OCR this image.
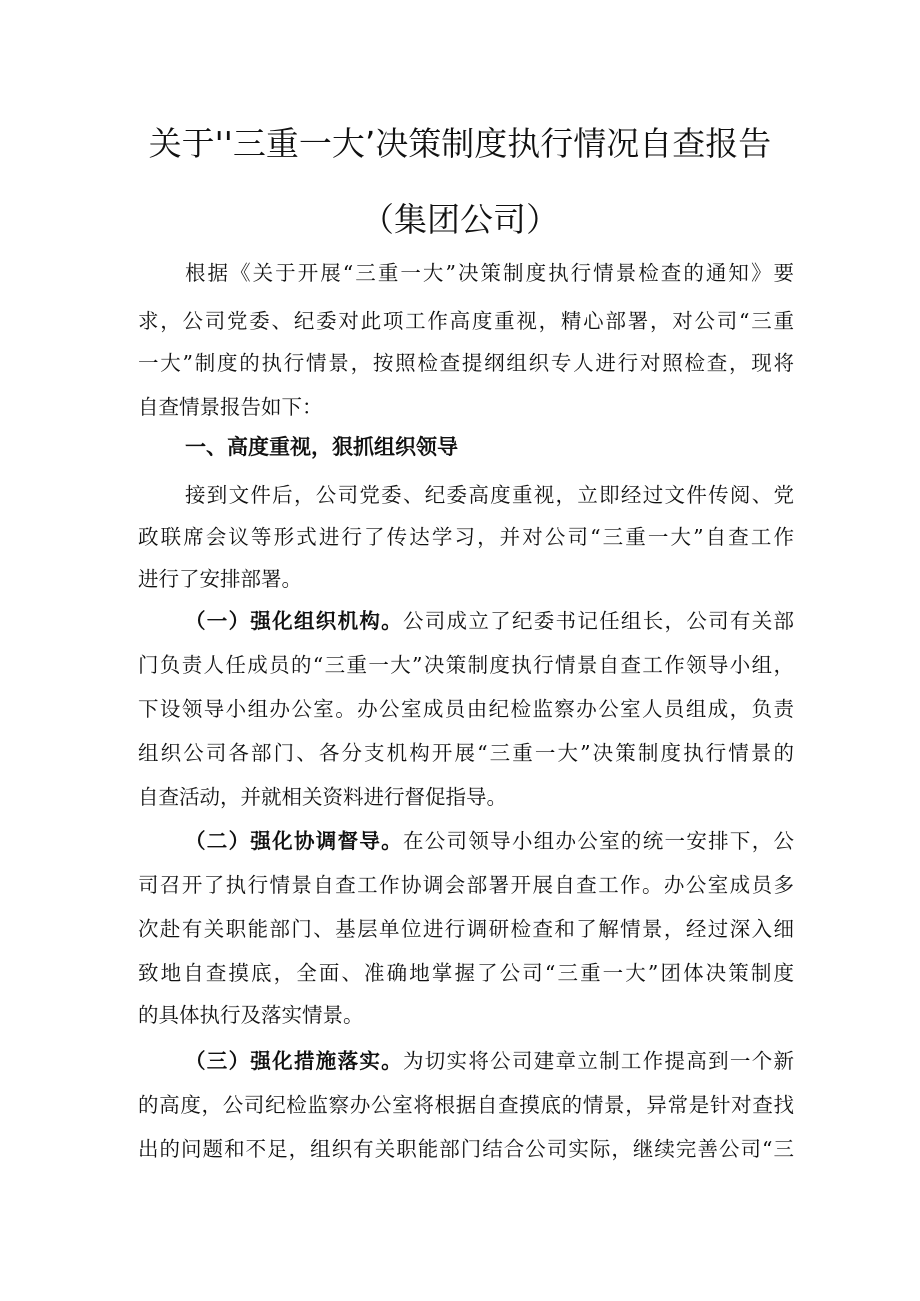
关于''三重一大’决策制度执行情况自查报告
（集团公司）

根据《关于开展“三重一大”决策制度执行情景检查的通知》要

求，公司党委、纪委对此项工作高度重视，精心部署，对公司“三重

一大”制度的执行情景，按照检查提纲组织专人进行对照检查，现将

自查情景报告如下：

一、高度重视，狠抓组织领导

接到文件后，公司党委、纪委高度重视，立即经过文件传阅、党

政联席会议等形式进行了传达学习，并对公司“三重一大”自查工作

进行了安排部署。

（一）强化组织机构。公司成立了纪委书记任组长，公司有关部

门负责人任成员的“三重一大”决策制度执行情景自查工作领导小组，

下设领导小组办公室。办公室成员由纪检监察办公室人员组成，负责

组织公司各部门、各分支机构开展“三重一大”决策制度执行情景的

自查活动，并就相关资料进行督促指导。

（二）强化协调督导。在公司领导小组办公室的统一安排下，公

司召开了执行情景自查工作协调会部署开展自查工作。办公室成员多

次赴有关职能部门、基层单位进行调研检查和了解情景，经过深入细

致地自查摸底，全面、准确地掌握了公司“三重一大”团体决策制度

的具体执行及落实情景。

（三）强化措施落实。为切实将公司建章立制工作提高到一个新

的高度，公司纪检监察办公室将根据自查摸底的情景，异常是针对查找

出的问题和不足，组织有关职能部门结合公司实际，继续完善公司“三
